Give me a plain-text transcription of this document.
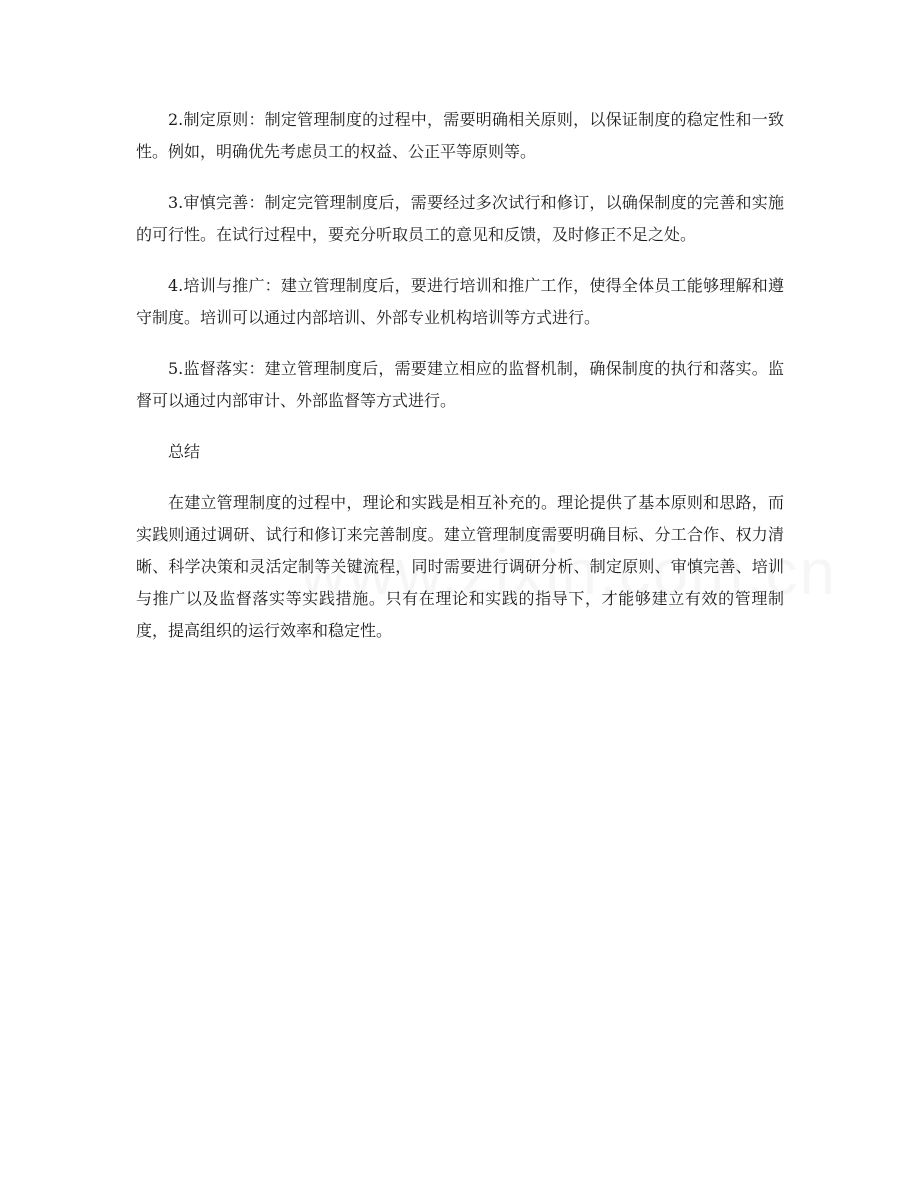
2.制定原则：制定管理制度的过程中，需要明确相关原则，以保证制度的稳定性和一致性。例如，明确优先考虑员工的权益、公正平等原则等。

3.审慎完善：制定完管理制度后，需要经过多次试行和修订，以确保制度的完善和实施的可行性。在试行过程中，要充分听取员工的意见和反馈，及时修正不足之处。

4.培训与推广：建立管理制度后，要进行培训和推广工作，使得全体员工能够理解和遵守制度。培训可以通过内部培训、外部专业机构培训等方式进行。

5.监督落实：建立管理制度后，需要建立相应的监督机制，确保制度的执行和落实。监督可以通过内部审计、外部监督等方式进行。

总结

在建立管理制度的过程中，理论和实践是相互补充的。理论提供了基本原则和思路，而实践则通过调研、试行和修订来完善制度。建立管理制度需要明确目标、分工合作、权力清晰、科学决策和灵活定制等关键流程，同时需要进行调研分析、制定原则、审慎完善、培训与推广以及监督落实等实践措施。只有在理论和实践的指导下，才能够建立有效的管理制度，提高组织的运行效率和稳定性。
